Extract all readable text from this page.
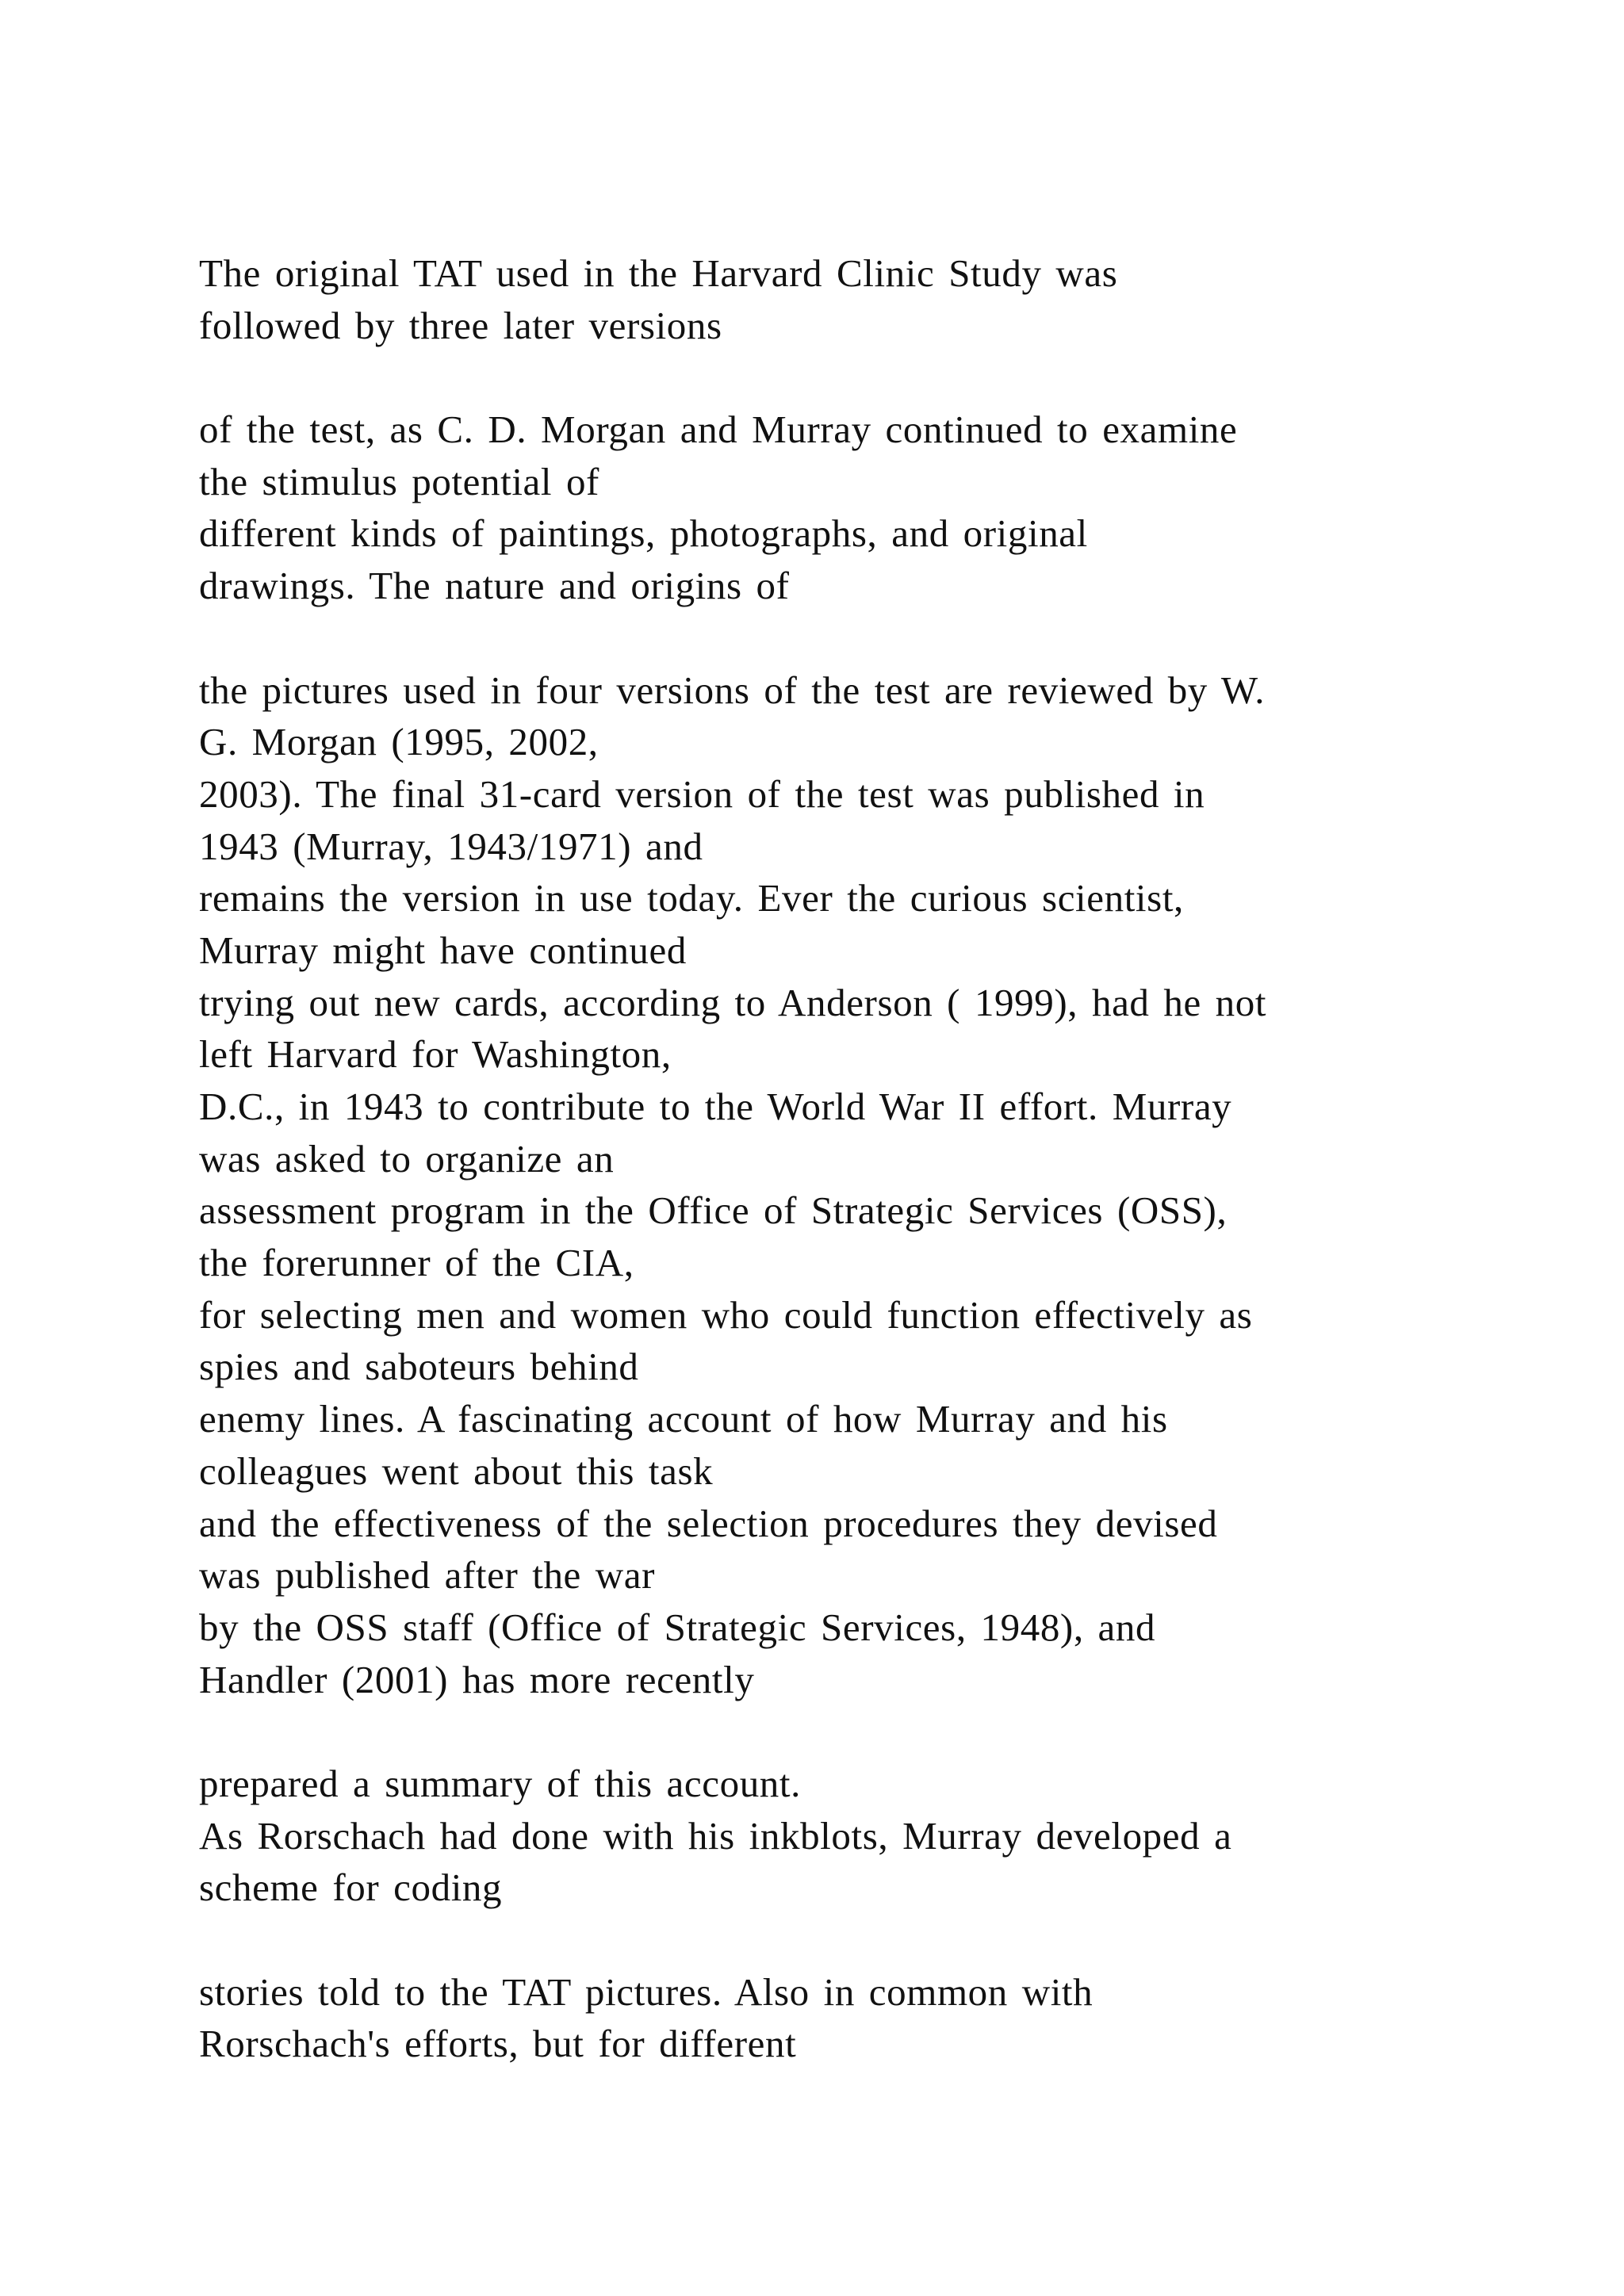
The original TAT used in the Harvard Clinic Study was
followed by three later versions
of the test, as C. D. Morgan and Murray continued to examine
the stimulus potential of
different kinds of paintings, photographs, and original
drawings. The nature and origins of
the pictures used in four versions of the test are reviewed by W.
G. Morgan (1995, 2002,
2003). The final 31-card version of the test was published in
1943 (Murray, 1943/1971) and
remains the version in use today. Ever the curious scientist,
Murray might have continued
trying out new cards, according to Anderson ( 1999), had he not
left Harvard for Washington,
D.C., in 1943 to contribute to the World War II effort. Murray
was asked to organize an
assessment program in the Office of Strategic Services (OSS),
the forerunner of the CIA,
for selecting men and women who could function effectively as
spies and saboteurs behind
enemy lines. A fascinating account of how Murray and his
colleagues went about this task
and the effectiveness of the selection procedures they devised
was published after the war
by the OSS staff (Office of Strategic Services, 1948), and
Handler (2001) has more recently
prepared a summary of this account.
As Rorschach had done with his inkblots, Murray developed a
scheme for coding
stories told to the TAT pictures. Also in common with
Rorschach's efforts, but for different
